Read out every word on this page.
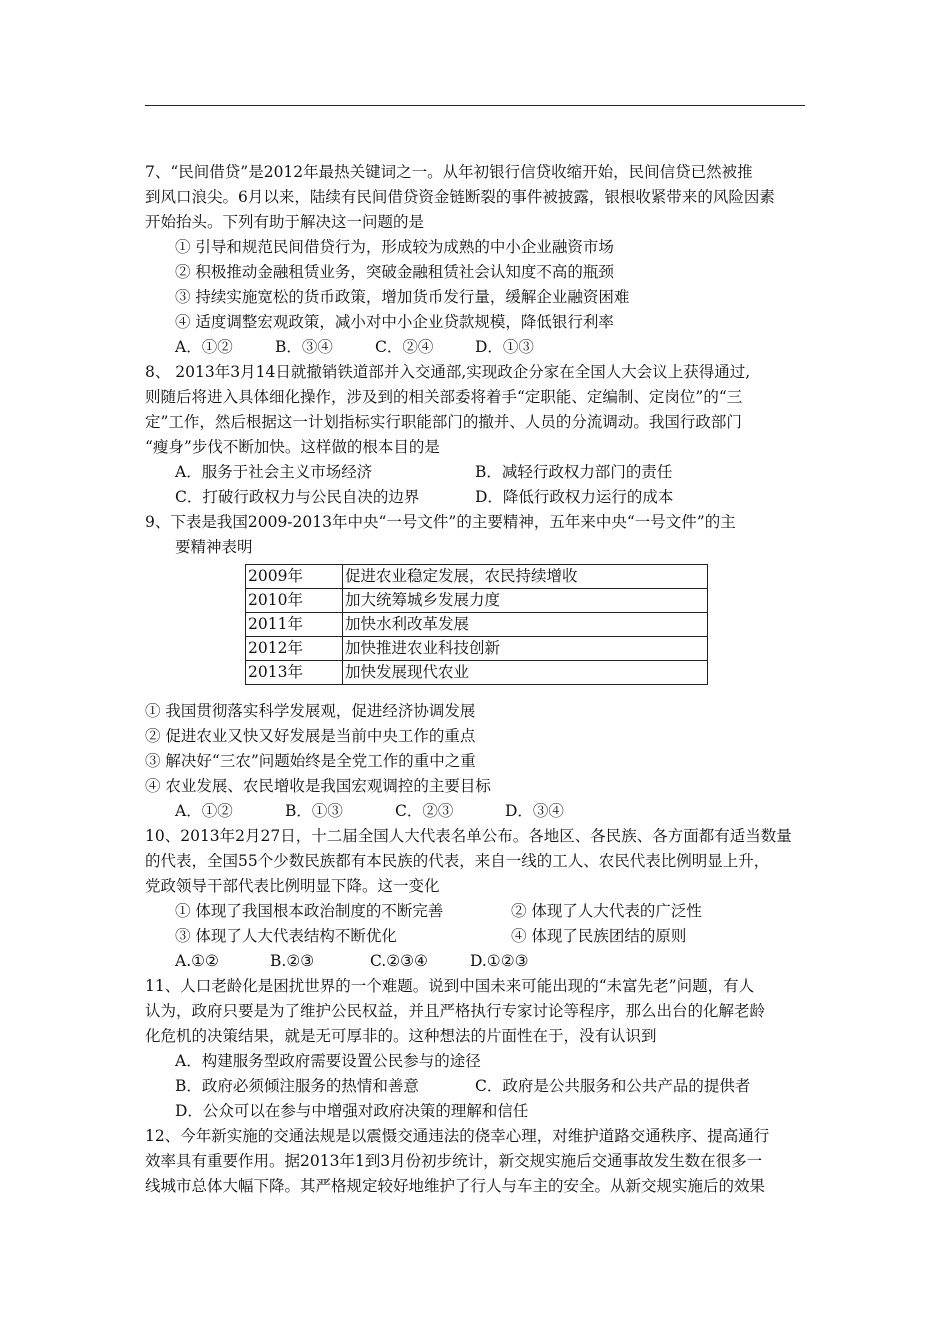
7、“民间借贷”是2012年最热关键词之一。从年初银行信贷收缩开始，民间信贷已然被推
到风口浪尖。6月以来，陆续有民间借贷资金链断裂的事件被披露，银根收紧带来的风险因素
开始抬头。下列有助于解决这一问题的是
① 引导和规范民间借贷行为，形成较为成熟的中小企业融资市场
② 积极推动金融租赁业务，突破金融租赁社会认知度不高的瓶颈
③ 持续实施宽松的货币政策，增加货币发行量，缓解企业融资困难
④ 适度调整宏观政策，减小对中小企业贷款规模，降低银行利率
A．①②	B．③④	C．②④	D．①③
8、 2013年3月14日就撤销铁道部并入交通部,实现政企分家在全国人大会议上获得通过,
则随后将进入具体细化操作，涉及到的相关部委将着手“定职能、定编制、定岗位”的“三
定”工作，然后根据这一计划指标实行职能部门的撤并、人员的分流调动。我国行政部门
“瘦身”步伐不断加快。这样做的根本目的是
A．服务于社会主义市场经济	B．减轻行政权力部门的责任
C．打破行政权力与公民自决的边界	D．降低行政权力运行的成本
9、下表是我国2009-2013年中央“一号文件”的主要精神，五年来中央“一号文件”的主
要精神表明
2009年	促进农业稳定发展，农民持续增收
2010年	加大统筹城乡发展力度
2011年	加快水利改革发展
2012年	加快推进农业科技创新
2013年	加快发展现代农业
① 我国贯彻落实科学发展观，促进经济协调发展
② 促进农业又快又好发展是当前中央工作的重点
③ 解决好“三农”问题始终是全党工作的重中之重
④ 农业发展、农民增收是我国宏观调控的主要目标
A．①②	B．①③	C．②③	D．③④
10、2013年2月27日，十二届全国人大代表名单公布。各地区、各民族、各方面都有适当数量
的代表，全国55个少数民族都有本民族的代表，来自一线的工人、农民代表比例明显上升，
党政领导干部代表比例明显下降。这一变化
① 体现了我国根本政治制度的不断完善	② 体现了人大代表的广泛性
③ 体现了人大代表结构不断优化	④ 体现了民族团结的原则
A.①②	B.②③	C.②③④	D.①②③
11、人口老龄化是困扰世界的一个难题。说到中国未来可能出现的“未富先老”问题，有人
认为，政府只要是为了维护公民权益，并且严格执行专家讨论等程序，那么出台的化解老龄
化危机的决策结果，就是无可厚非的。这种想法的片面性在于，没有认识到
A．构建服务型政府需要设置公民参与的途径
B．政府必须倾注服务的热情和善意	C．政府是公共服务和公共产品的提供者
D．公众可以在参与中增强对政府决策的理解和信任
12、今年新实施的交通法规是以震慑交通违法的侥幸心理，对维护道路交通秩序、提高通行
效率具有重要作用。据2013年1到3月份初步统计，新交规实施后交通事故发生数在很多一
线城市总体大幅下降。其严格规定较好地维护了行人与车主的安全。从新交规实施后的效果
